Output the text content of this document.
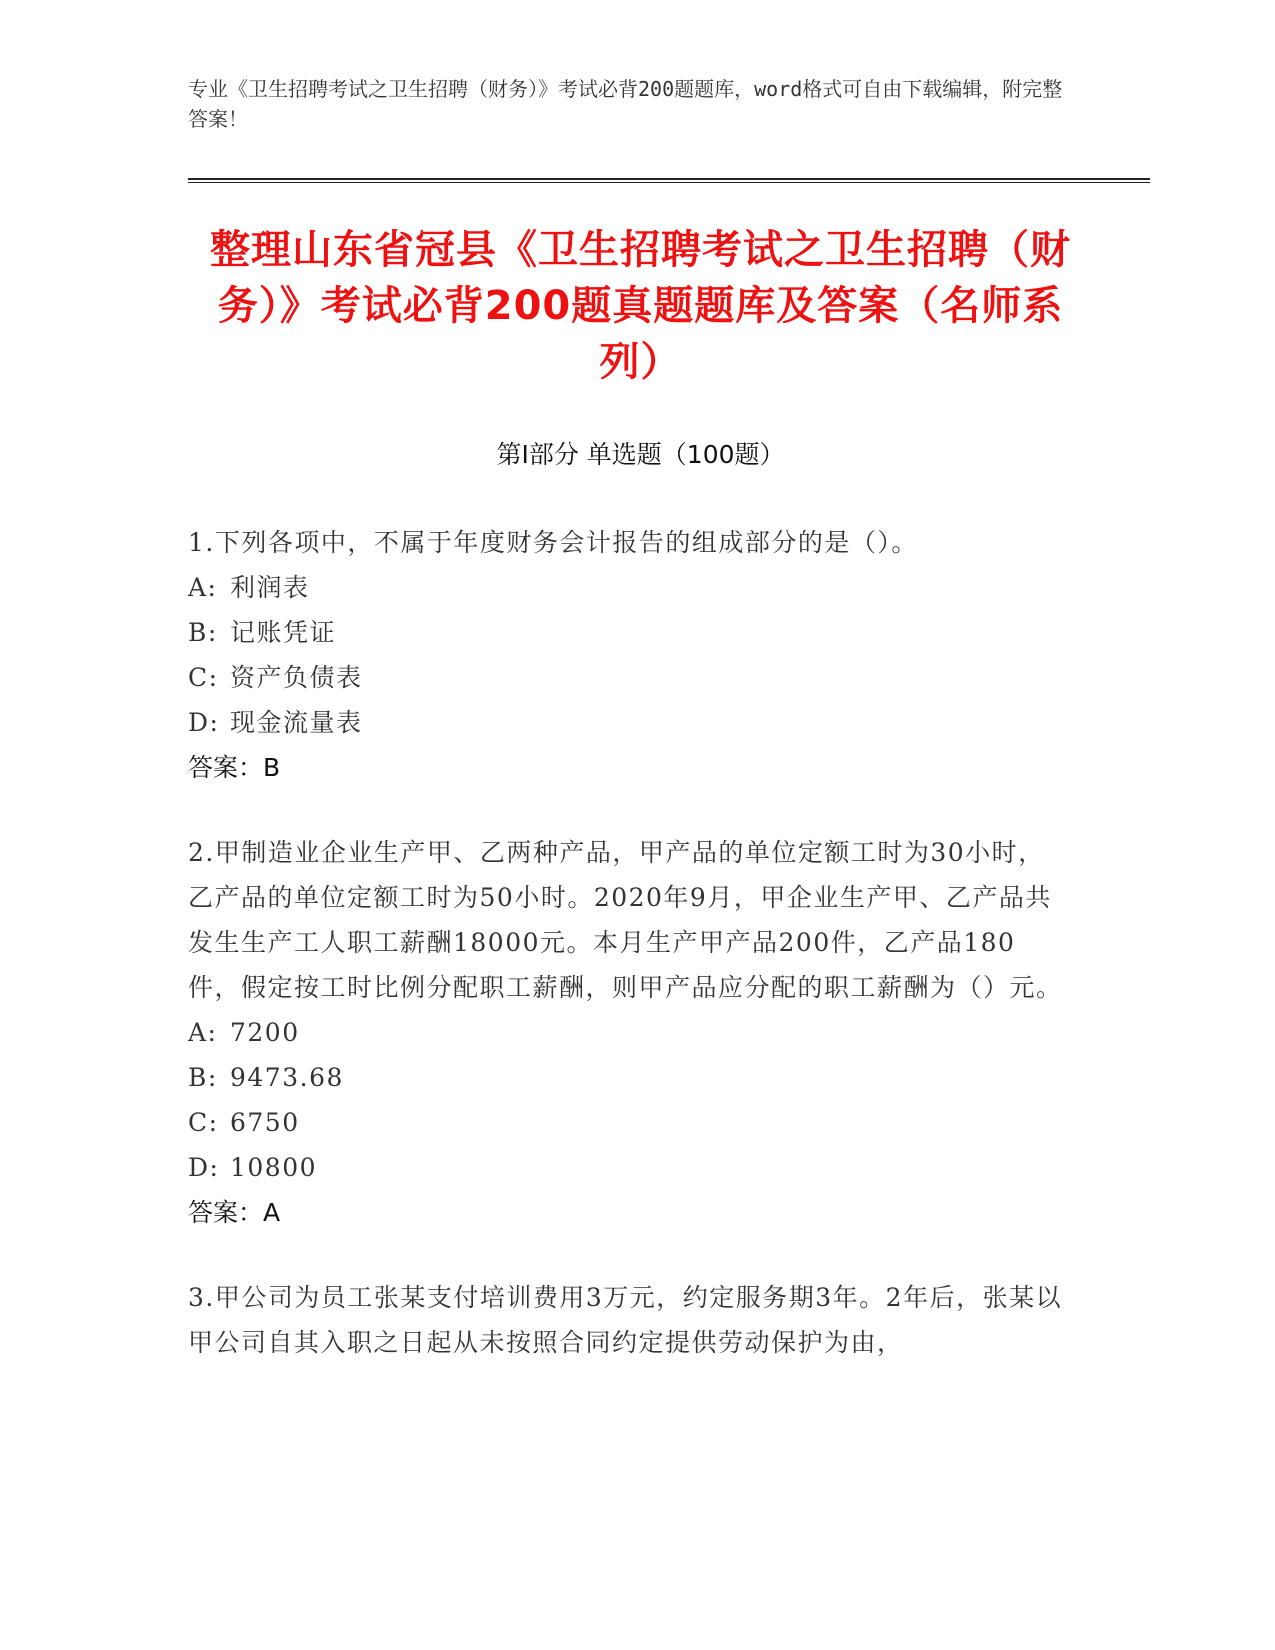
专业《卫生招聘考试之卫生招聘（财务）》考试必背200题题库，word格式可自由下载编辑，附完整答案！
整理山东省冠县《卫生招聘考试之卫生招聘（财务）》考试必背200题真题题库及答案（名师系列）
第I部分 单选题（100题）

1.下列各项中，不属于年度财务会计报告的组成部分的是（）。

A: 利润表

B: 记账凭证

C: 资产负债表

D: 现金流量表

答案：B

2.甲制造业企业生产甲、乙两种产品，甲产品的单位定额工时为30小时，乙产品的单位定额工时为50小时。2020年9月，甲企业生产甲、乙产品共发生生产工人职工薪酬18000元。本月生产甲产品200件，乙产品180件，假定按工时比例分配职工薪酬，则甲产品应分配的职工薪酬为（）元。

A: 7200

B: 9473.68

C: 6750

D: 10800

答案：A

3.甲公司为员工张某支付培训费用3万元，约定服务期3年。2年后，张某以甲公司自其入职之日起从未按照合同约定提供劳动保护为由，
